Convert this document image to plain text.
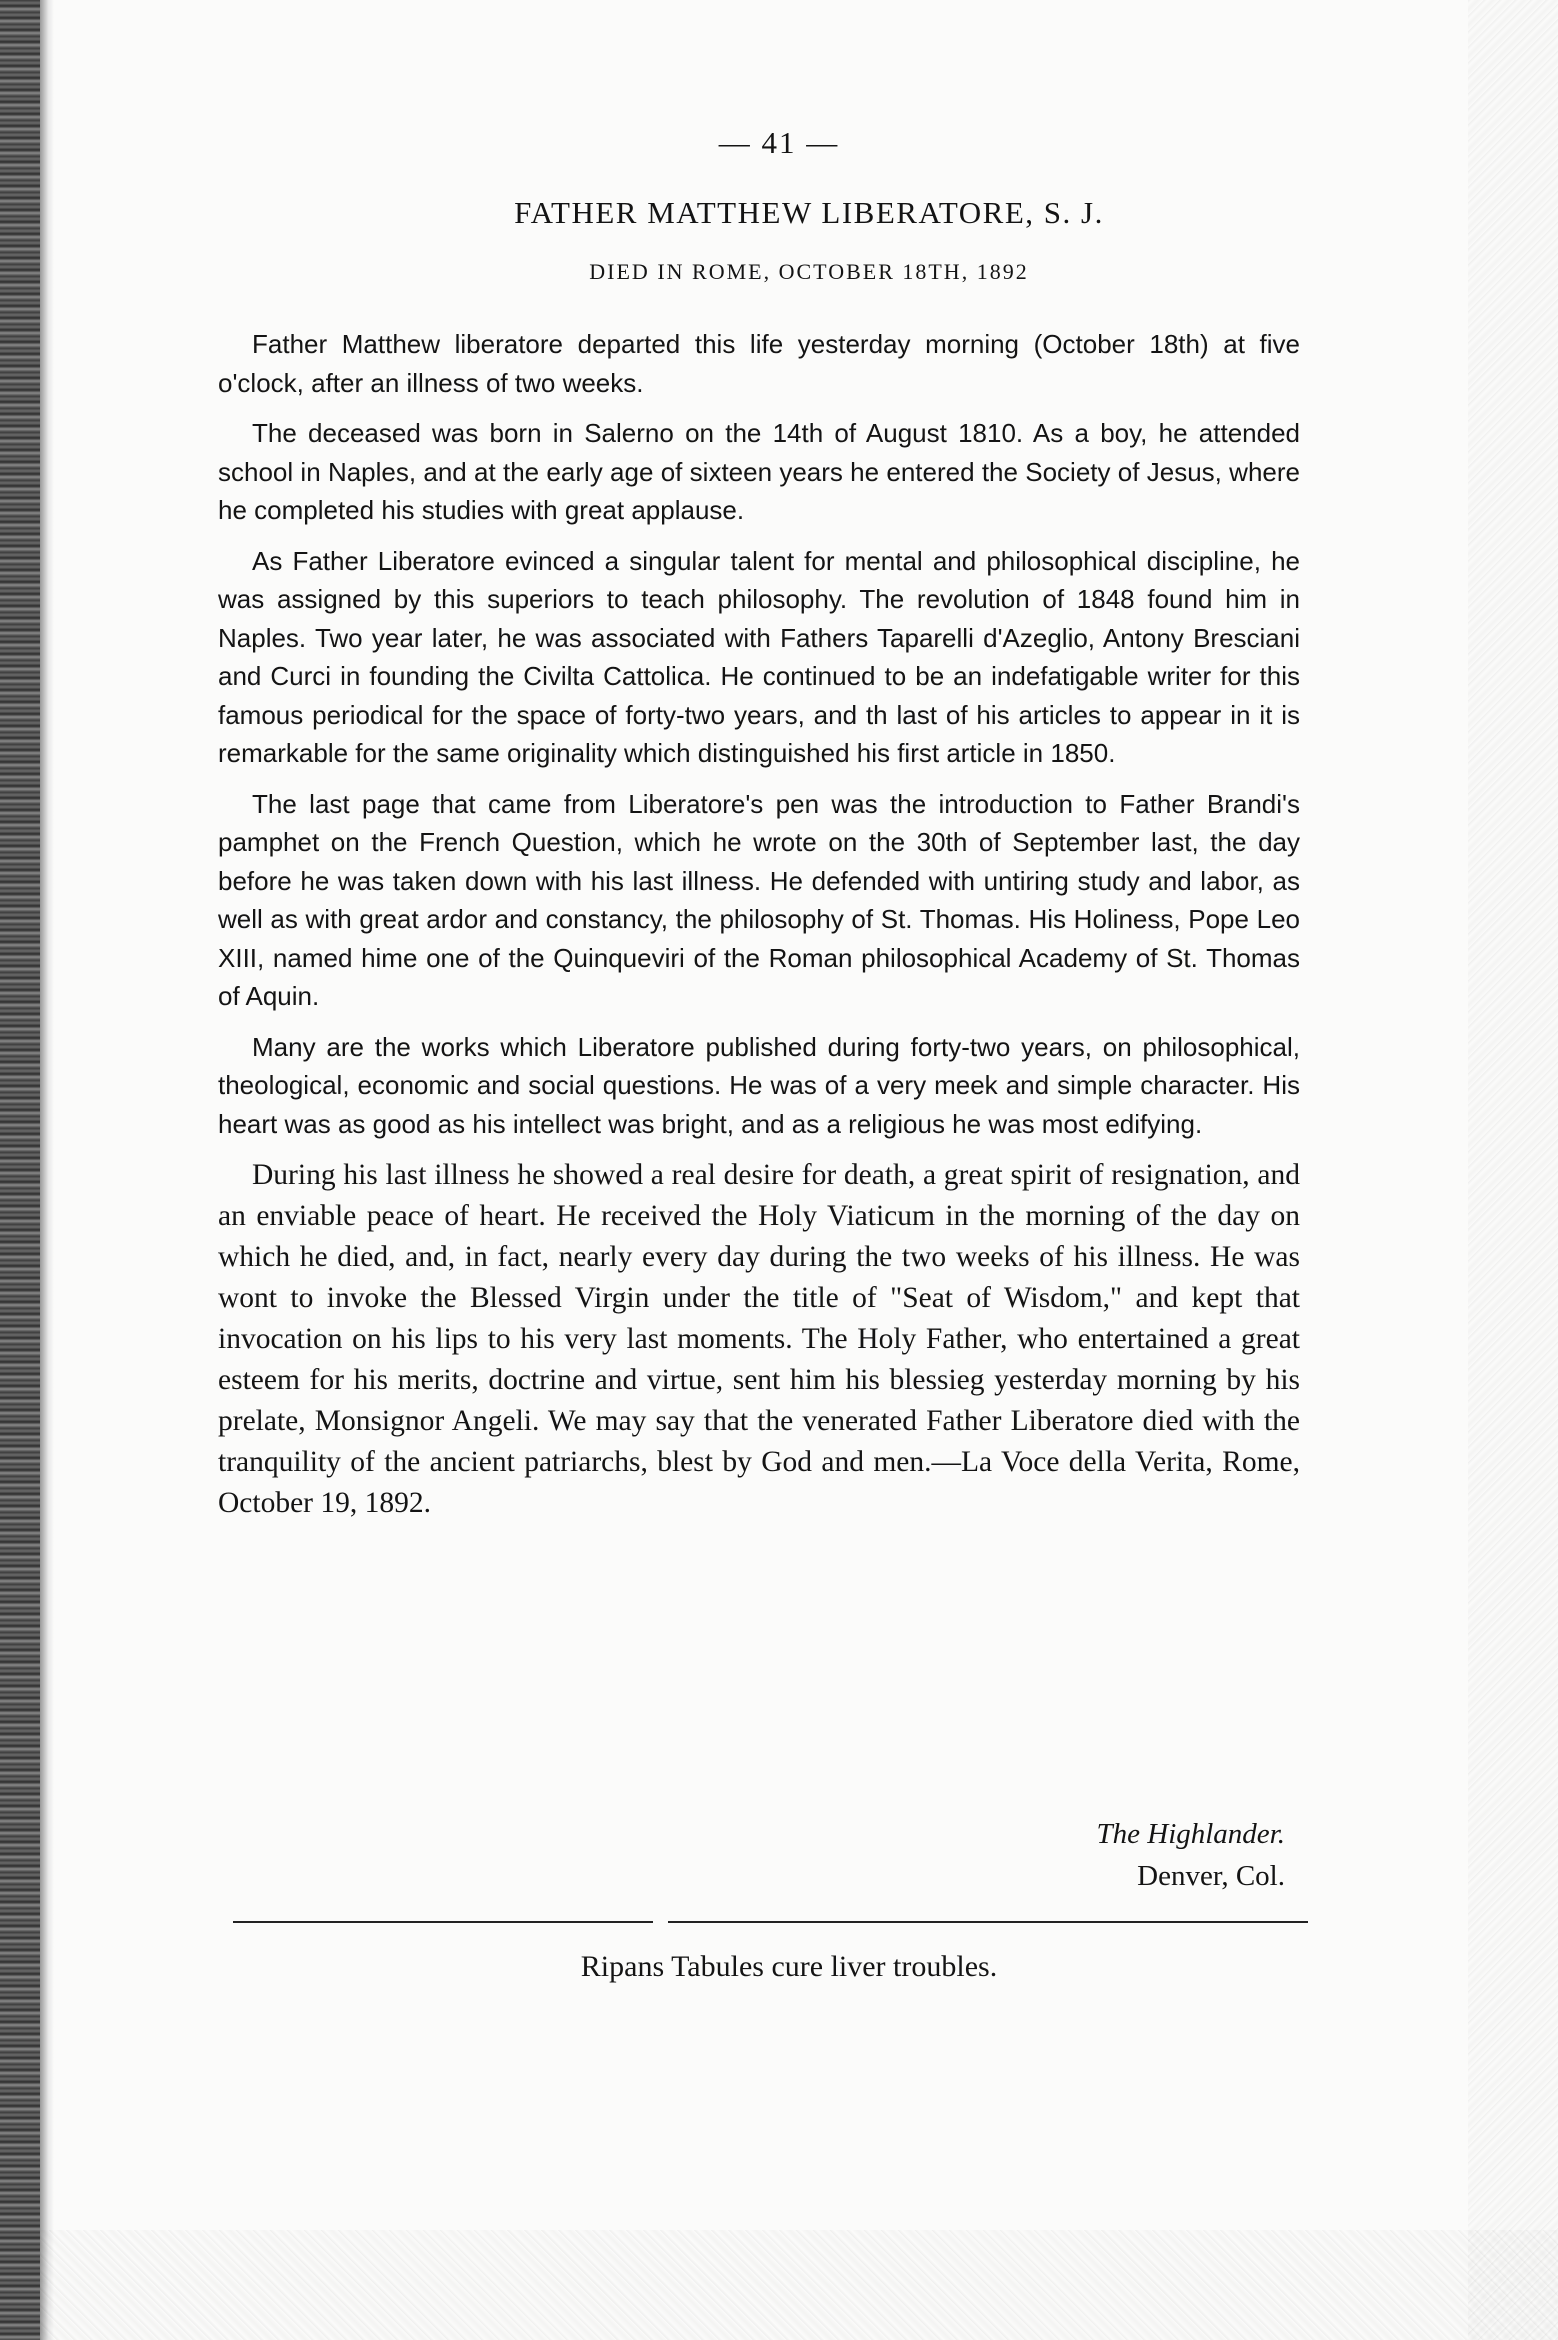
— 41 —
FATHER MATTHEW LIBERATORE, S. J.
DIED IN ROME, OCTOBER 18TH, 1892

Father Matthew liberatore departed this life yesterday morning (October 18th) at five o'clock, after an illness of two weeks.

The deceased was born in Salerno on the 14th of August 1810. As a boy, he attended school in Naples, and at the early age of sixteen years he entered the Society of Jesus, where he completed his studies with great applause.

As Father Liberatore evinced a singular talent for mental and philosophical discipline, he was assigned by this superiors to teach philosophy. The revolution of 1848 found him in Naples. Two year later, he was associated with Fathers Taparelli d'Azeglio, Antony Bresciani and Curci in founding the Civilta Cattolica. He continued to be an indefatigable writer for this famous periodical for the space of forty-two years, and th last of his articles to appear in it is remarkable for the same originality which distinguished his first article in 1850.

The last page that came from Liberatore's pen was the introduction to Father Brandi's pamphet on the French Question, which he wrote on the 30th of September last, the day before he was taken down with his last illness. He defended with untiring study and labor, as well as with great ardor and constancy, the philosophy of St. Thomas. His Holiness, Pope Leo XIII, named hime one of the Quinqueviri of the Roman philosophical Academy of St. Thomas of Aquin.

Many are the works which Liberatore published during forty-two years, on philosophical, theological, economic and social questions. He was of a very meek and simple character. His heart was as good as his intellect was bright, and as a religious he was most edifying.

During his last illness he showed a real desire for death, a great spirit of resignation, and an enviable peace of heart. He received the Holy Viaticum in the morning of the day on which he died, and, in fact, nearly every day during the two weeks of his illness. He was wont to invoke the Blessed Virgin under the title of "Seat of Wisdom," and kept that invocation on his lips to his very last moments. The Holy Father, who entertained a great esteem for his merits, doctrine and virtue, sent him his blessieg yesterday morning by his prelate, Monsignor Angeli. We may say that the venerated Father Liberatore died with the tranquility of the ancient patriarchs, blest by God and men.—La Voce della Verita, Rome, October 19, 1892.

The Highlander.
Denver, Col.
Ripans Tabules cure liver troubles.
